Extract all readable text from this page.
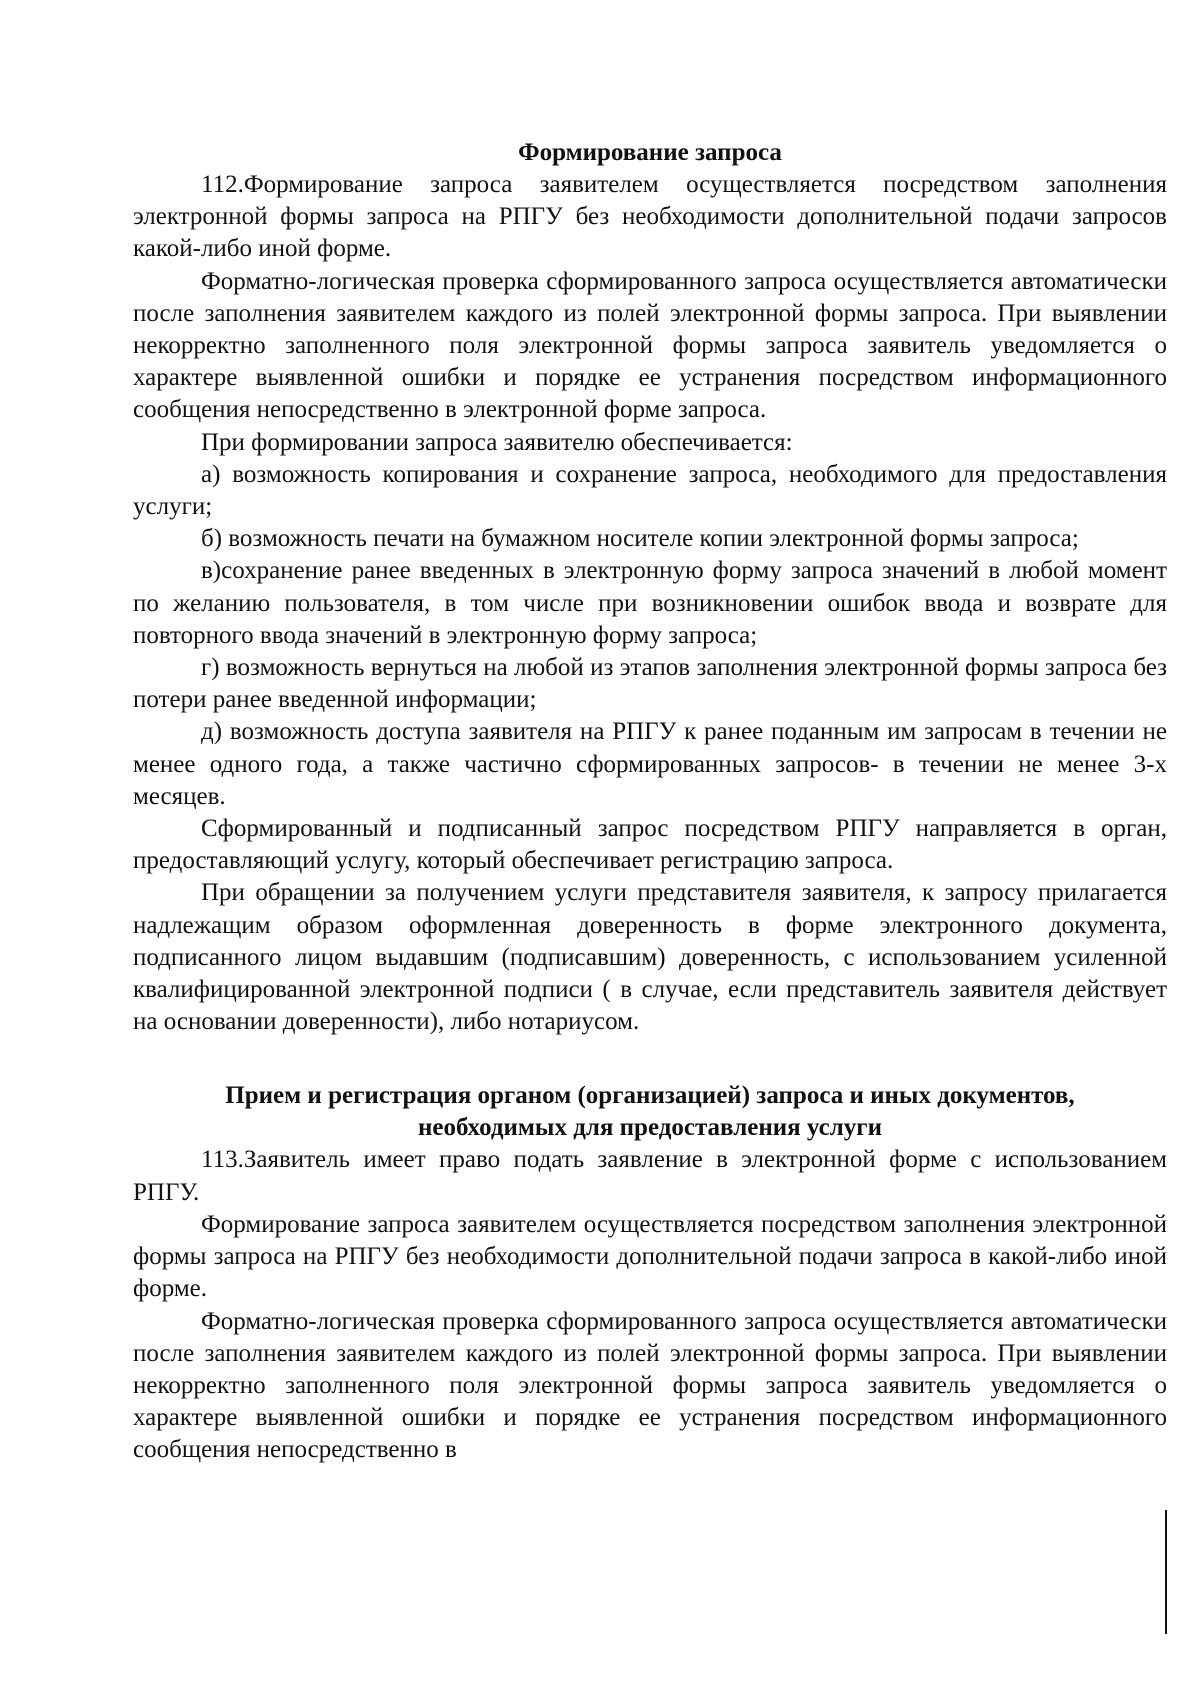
Формирование запроса

112.Формирование запроса заявителем осуществляется посредством заполнения электронной формы запроса на РПГУ без необходимости дополнительной подачи запросов какой-либо иной форме.

Форматно-логическая проверка сформированного запроса осуществляется автоматически после заполнения заявителем каждого из полей электронной формы запроса. При выявлении некорректно заполненного поля электронной формы запроса заявитель уведомляется о характере выявленной ошибки и порядке ее устранения посредством информационного сообщения непосредственно в электронной форме запроса.

При формировании запроса заявителю обеспечивается:

а) возможность копирования и сохранение запроса, необходимого для предоставления услуги;

б) возможность печати на бумажном носителе копии электронной формы запроса;

в)сохранение ранее введенных в электронную форму запроса значений в любой момент по желанию пользователя, в том числе при возникновении ошибок ввода и возврате для повторного ввода значений в электронную форму запроса;

г) возможность вернуться на любой из этапов заполнения электронной формы запроса без потери ранее введенной информации;

д) возможность доступа заявителя на РПГУ к ранее поданным им запросам в течении не менее одного года, а также частично сформированных запросов- в течении не менее 3-х месяцев.

Сформированный и подписанный запрос посредством РПГУ направляется в орган, предоставляющий услугу, который обеспечивает регистрацию запроса.

При обращении за получением услуги представителя заявителя, к запросу прилагается надлежащим образом оформленная доверенность в форме электронного документа, подписанного лицом выдавшим (подписавшим) доверенность, с использованием усиленной квалифицированной электронной подписи ( в случае, если представитель заявителя действует на основании доверенности), либо нотариусом.

Прием и регистрация органом (организацией) запроса и иных документов,
необходимых для предоставления услуги

113.Заявитель имеет право подать заявление в электронной форме с использованием РПГУ.

Формирование запроса заявителем осуществляется посредством заполнения электронной формы запроса на РПГУ без необходимости дополнительной подачи запроса в какой-либо иной форме.

Форматно-логическая проверка сформированного запроса осуществляется автоматически после заполнения заявителем каждого из полей электронной формы запроса. При выявлении некорректно заполненного поля электронной формы запроса заявитель уведомляется о характере выявленной ошибки и порядке ее устранения посредством информационного сообщения непосредственно в
